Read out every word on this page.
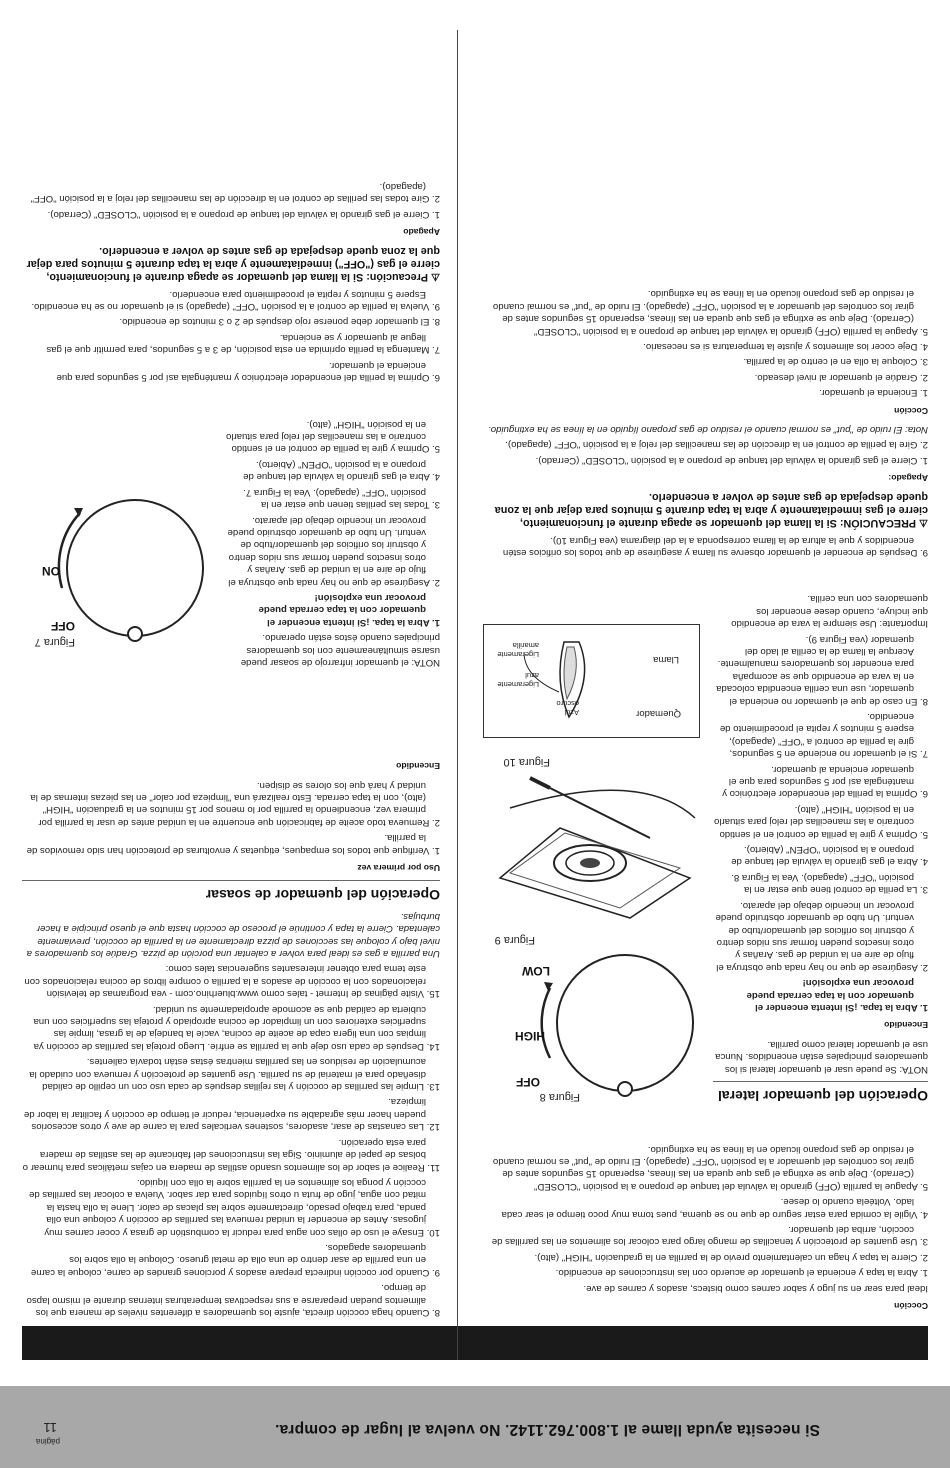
Si necesita ayuda llame al 1.800.762.1142. No vuelva al lugar de compra.
página
11

Cocción

Ideal para sear en su jugo y sabor carnes como bistecs, asados y carnes de ave.

1. Abra la tapa y encienda el quemador de acuerdo con las instrucciones de encendido.

2. Cierre la tapa y haga un calentamiento previo de la parrilla en la graduación "HIGH" (alto).

3. Use guantes de protección y tenacillas de mango largo para colocar los alimentos en las parrillas de cocción, arriba del quemador.

4. Vigile la comida para estar seguro de que no se quema, pues toma muy poco tiempo el sear cada lado. Voltéela cuando lo desee.

5. Apague la parrilla (OFF) girando la válvula del tanque de propano a la posición "CLOSED" (Cerrado). Deje que se extinga el gas que queda en las líneas, esperando 15 segundos antes de girar los controles del quemador a la posición "OFF" (apagado). El ruido de "put" es normal cuando el residuo de gas propano licuado en la línea se ha extinguido.

Operación del quemador lateral

NOTA: Se puede usar el quemador lateral si los quemadores principales están encendidos. Nunca use el quemador lateral como parrilla.

Encendido

1. Abra la tapa. ¡Si intenta encender el quemador con la tapa cerrada puede provocar una explosión!

2. Asegúrese de que no hay nada que obstruya el flujo de aire en la unidad de gas. Arañas y otros insectos pueden formar sus nidos dentro y obstruir los orificios del quemador/tubo de venturi. Un tubo de quemador obstruido puede provocar un incendio debajo del aparato.

3. La perilla de control tiene que estar en la posición "OFF" (apagado). Vea la Figura 8.

4. Abra el gas girando la válvula del tanque de propano a la posición "OPEN" (Abierto).

5. Oprima y gire la perilla de control en el sentido contrario a las manecillas del reloj para situarlo en la posición "HIGH" (alto).

6. Oprima la perilla del encendedor electrónico y manténgala así por 5 segundos para que el quemador encienda al quemador.

7. Si el quemador no enciende en 5 segundos, gire la perilla de control a "OFF" (apagado), espere 5 minutos y repita el procedimiento de encendido.

8. En caso de que el quemador no encienda el quemador, use una cerilla encendida colocada en la vara de encendido que se acompaña para encender los quemadores manualmente. Acerque la llama de la cerilla al lado del quemador (vea Figura 9).

Importante: Use siempre la vara de encendido que incluye, cuando desee encender los quemadores con una cerilla.

9. Después de encender el quemador observe su llama y asegúrese de que todos los orificios estén encendidos y que la altura de la llama corresponda a la del diagrama (vea Figura 10).

⚠PRECAUCIÓN: Si la llama del quemador se apaga durante el funcionamiento, cierre el gas inmediatamente y abra la tapa durante 5 minutos para dejar que la zona quede despejada de gas antes de volver a encenderlo.

Apagado:

1. Cierre el gas girando la válvula del tanque de propano a la posición "CLOSED" (Cerrado).

2. Gire la perilla de control en la dirección de las manecillas del reloj a la posición "OFF" (apagado).

Nota: El ruido de "put" es normal cuando el residuo de gas propano líquido en la línea se ha extinguido.

Cocción

1. Encienda el quemador.

2. Gradúe el quemador al nivel deseado.

3. Coloque la olla en el centro de la parrilla.

4. Deje cocer los alimentos y ajuste la temperatura si es necesario.

5. Apague la parrilla (OFF) girando la válvula del tanque de propano a la posición "CLOSED" (Cerrado). Deje que se extinga el gas que queda en las líneas, esperando 15 segundos antes de girar los controles del quemador a la posición "OFF" (apagado). El ruido de "put" es normal cuando el residuo de gas propano licuado en la línea se ha extinguido.

Figura 8
OFF
HIGH
LOW
Figura 9
Figura 10
Quemador
Azul
oscuro
Ligeramente
azul
Llama
Ligeramente
amarilla

8. Cuando haga cocción directa, ajuste los quemadores a diferentes niveles de manera que los alimentos puedan prepararse a sus respectivas temperaturas internas durante el mismo lapso de tiempo.

9. Cuando por cocción indirecta prepare asados y porciones grandes de carne, coloque la carne en una parrilla de asar dentro de una olla de metal grueso. Coloque la olla sobre los quemadores apagados.

10. Ensaye el uso de ollas con agua para reducir la combustión de grasa y cocer carnes muy jugosas. Antes de encender la unidad remueva las parrillas de cocción y coloque una olla panda, para trabajo pesado, directamente sobre las placas de calor. Llene la olla hasta la mitad con agua, jugo de fruta u otros líquidos para dar sabor. Vuelva a colocar las parrillas de cocción y ponga los alimentos en la parrilla sobre la olla con líquido.

11. Realice el sabor de los alimentos usando astillas de madera en cajas metálicas para humear o bolsas de papel de aluminio. Siga las instrucciones del fabricante de las astillas de madera para esta operación.

12. Las canastas de asar, asadores, sostenes verticales para la carne de ave y otros accesorios pueden hacer más agradable su experiencia, reducir el tiempo de cocción y facilitar la labor de limpieza.

13. Limpie las parrillas de cocción y las rejillas después de cada uso con un cepillo de calidad diseñado para el material de su parrilla. Use guantes de protección y remueva con cuidado la acumulación de residuos en las parrillas mientras éstas están todavía calientes.

14. Después de cada uso deje que la parrilla se enfríe. Luego proteja las parrillas de cocción ya limpias con una ligera capa de aceite de cocina, vacíe la bandeja de la grasa, limpie las superficies exteriores con un limpiador de cocina apropiado y proteja las superficies con una cubierta de calidad que se acomode apropiadamente su unidad.

15. Visite páginas de Internet - tales como www.bluerhino.com - vea programas de televisión relacionados con la cocción de asados a la parrilla o compre libros de cocina relacionados con este tema para obtener interesantes sugerencias tales como:

Una parrilla a gas es ideal para volver a calentar una porción de pizza. Gradúe los quemadores a nivel bajo y coloque las secciones de pizza directamente en la parrilla de cocción, previamente calentada. Cierre la tapa y continúe el proceso de cocción hasta que el queso principie a hacer burbujas.

Operación del quemador de soasar

Uso por primera vez

1. Verifique que todos los empaques, etiquetas y envolturas de protección han sido removidos de la parrilla.

2. Remueva todo aceite de fabricación que encuentre en la unidad antes de usar la parrilla por primera vez, encendiendo la parrilla por lo menos por 15 minutos en la graduación "HIGH" (alto), con la tapa cerrada. Esto realizará una "limpieza por calor" en las piezas internas de la unidad y hará que los olores se disipen.

Encendido

NOTA: el quemador infrarrojo de soasar puede usarse simultáneamente con los quemadores principales cuando éstos están operando.

1. Abra la tapa. ¡Si intenta encender el quemador con la tapa cerrada puede provocar una explosión!

2. Asegúrese de que no hay nada que obstruya el flujo de aire en la unidad de gas. Arañas y otros insectos pueden formar sus nidos dentro y obstruir los orificios del quemador/tubo de venturi. Un tubo de quemador obstruido puede provocar un incendio debajo del aparato.

3. Todas las perillas tienen que estar en la posición "OFF" (apagado). Vea la Figura 7.

4. Abra el gas girando la válvula del tanque de propano a la posición "OPEN" (Abierto).

5. Oprima y gire la perilla de control en el sentido contrario a las manecillas del reloj para situarlo en la posición "HIGH" (alto).

6. Oprima la perilla del encendedor electrónico y manténgala así por 5 segundos para que encienda el quemador.

7. Mantenga la perilla oprimida en esta posición, de 3 a 5 segundos, para permitir que el gas llegue al quemador y se encienda.

8. El quemador debe ponerse rojo después de 2 o 3 minutos de encendido.

9. Vuelva la perilla de control a la posición "OFF" (apagado) si el quemador no se ha encendido. Espere 5 minutos y repita el procedimiento para encenderlo.

⚠Precaución: Si la llama del quemador se apaga durante el funcionamiento, cierre el gas ("OFF") inmediatamente y abra la tapa durante 5 minutos para dejar que la zona quede despejada de gas antes de volver a encenderlo.

Apagado

1. Cierre el gas girando la válvula del tanque de propano a la posición "CLOSED" (Cerrado).

2. Gire todas las perillas de control en la dirección de las manecillas del reloj a la posición "OFF" (apagado).

Figura 7
OFF
ON
